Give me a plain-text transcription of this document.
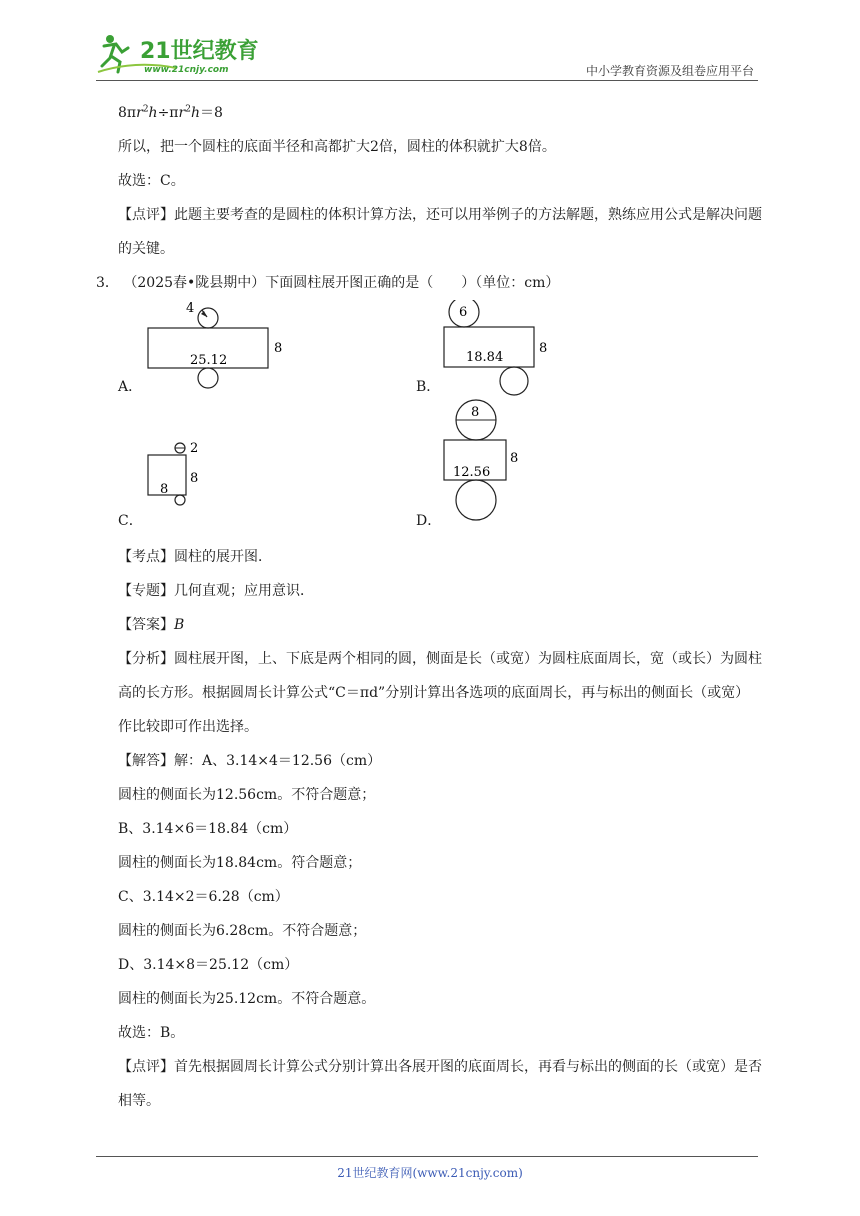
21世纪教育
www.21cnjy.com	中小学教育资源及组卷应用平台
$8\pi r^2h\div\pi r^2h=8$
所以，把一个圆柱的底面半径和高都扩大2倍，圆柱的体积就扩大8倍。
故选：C。
【点评】此题主要考查的是圆柱的体积计算方法，还可以用举例子的方法解题，熟练应用公式是解决问题的关键。
3． （2025春•陇县期中）下面圆柱展开图正确的是（　　）（单位：cm）
4
25.12
8
A．
6
18.84
8
B．
2
8
8
C．
8
12.56
8
D．
【考点】圆柱的展开图．
【专题】几何直观；应用意识．
【答案】B
【分析】圆柱展开图，上、下底是两个相同的圆，侧面是长（或宽）为圆柱底面周长，宽（或长）为圆柱高的长方形。根据圆周长计算公式“C＝πd”分别计算出各选项的底面周长，再与标出的侧面长（或宽）作比较即可作出选择。
【解答】解：A、3.14×4＝12.56（cm）
圆柱的侧面长为12.56cm。不符合题意；
B、3.14×6＝18.84（cm）
圆柱的侧面长为18.84cm。符合题意；
C、3.14×2＝6.28（cm）
圆柱的侧面长为6.28cm。不符合题意；
D、3.14×8＝25.12（cm）
圆柱的侧面长为25.12cm。不符合题意。
故选：B。
【点评】首先根据圆周长计算公式分别计算出各展开图的底面周长，再看与标出的侧面的长（或宽）是否相等。
21世纪教育网(www.21cnjy.com)
